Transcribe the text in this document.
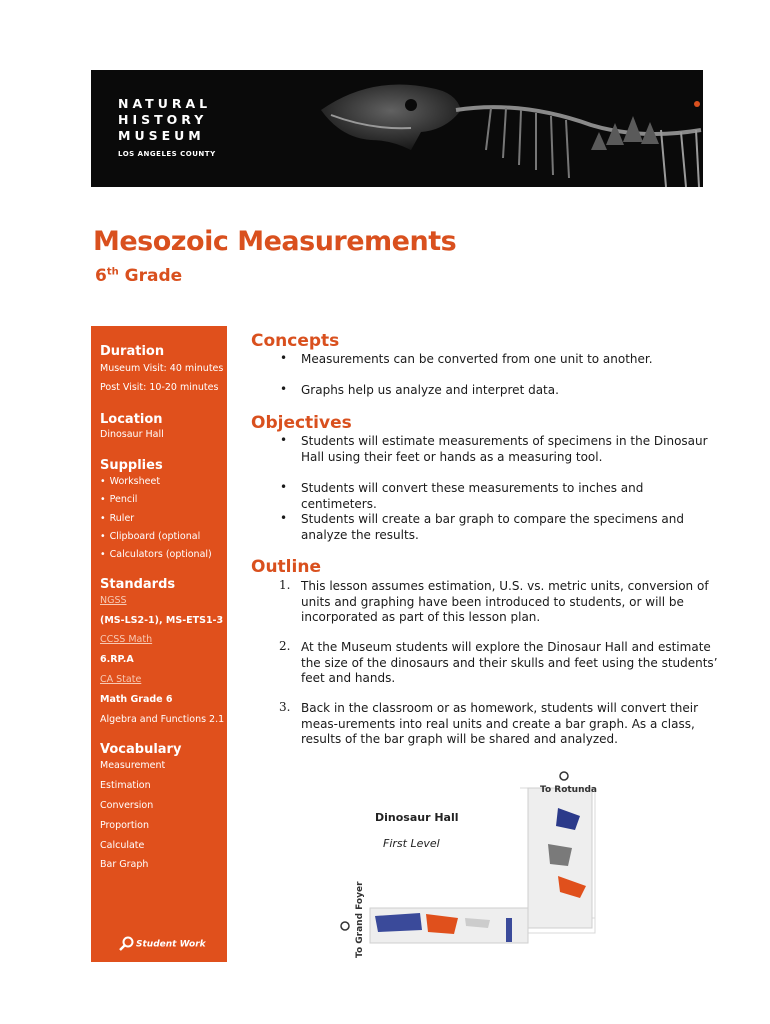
NATURAL
HISTORY
MUSEUM
LOS ANGELES COUNTY
Mesozoic Measurements
6th Grade
Duration
Museum Visit: 40 minutes
Post Visit: 10-20 minutes
Location
Dinosaur Hall
Supplies
• Worksheet
• Pencil
• Ruler
• Clipboard (optional
• Calculators (optional)
Standards
NGSS
(MS-LS2-1), MS-ETS1-3
CCSS Math
6.RP.A
CA State
Math Grade 6
Algebra and Functions 2.1
Vocabulary
Measurement
Estimation
Conversion
Proportion
Calculate
Bar Graph
Student Work
Concepts
• Measurements can be converted from one unit to another.
• Graphs help us analyze and interpret data.
Objectives
• Students will estimate measurements of specimens in the Dinosaur Hall using their feet or hands as a measuring tool.
• Students will convert these measurements to inches and centimeters.
• Students will create a bar graph to compare the specimens and analyze the results.
Outline
1. This lesson assumes estimation, U.S. vs. metric units, conversion of units and graphing have been introduced to students, or will be incorporated as part of this lesson plan.
2. At the Museum students will explore the Dinosaur Hall and estimate the size of the dinosaurs and their skulls and feet using the students’ feet and hands.
3. Back in the classroom or as homework, students will convert their meas-urements into real units and create a bar graph. As a class, results of the bar graph will be shared and analyzed.
Dinosaur Hall
First Level
To Rotunda
To Grand Foyer
